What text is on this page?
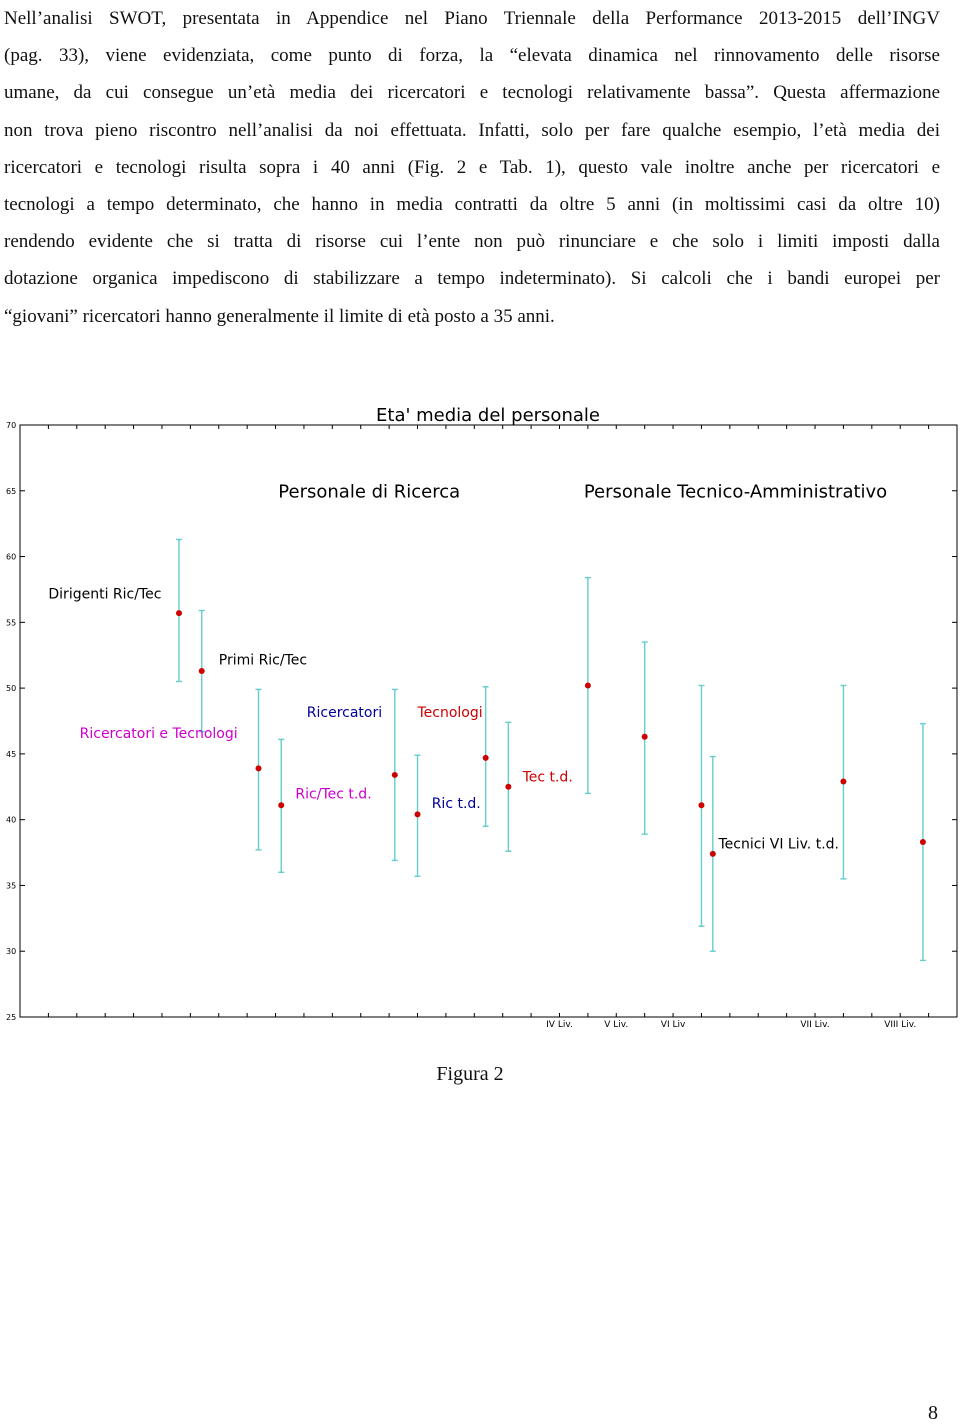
Nell’analisi SWOT, presentata in Appendice nel Piano Triennale della Performance 2013-2015 dell’INGV
(pag. 33), viene evidenziata, come punto di forza, la “elevata dinamica nel rinnovamento delle risorse
umane, da cui consegue un’età media dei ricercatori e tecnologi relativamente bassa”. Questa affermazione
non trova pieno riscontro nell’analisi da noi effettuata. Infatti, solo per fare qualche esempio, l’età media dei
ricercatori e tecnologi risulta sopra i 40 anni (Fig. 2 e Tab. 1), questo vale inoltre anche per ricercatori e
tecnologi a tempo determinato, che hanno in media contratti da oltre 5 anni (in moltissimi casi da oltre 10)
rendendo evidente che si tratta di risorse cui l’ente non può rinunciare e che solo i limiti imposti dalla
dotazione organica impediscono di stabilizzare a tempo indeterminato). Si calcoli che i bandi europei per
“giovani” ricercatori hanno generalmente il limite di età posto a 35 anni.
Eta' media del personale
Personale di Ricerca	Personale Tecnico-Amministrativo
25
30
35
40
45
50
55
60
65
70
IV Liv.	V Liv.	VI Liv	VII Liv.	VIII Liv.
Dirigenti Ric/Tec
Primi Ric/Tec
Ricercatori e Tecnologi
Ric/Tec t.d.
Ricercatori
Ric t.d.
Tecnologi
Tec t.d.
Tecnici VI Liv. t.d.
Figura 2
8
